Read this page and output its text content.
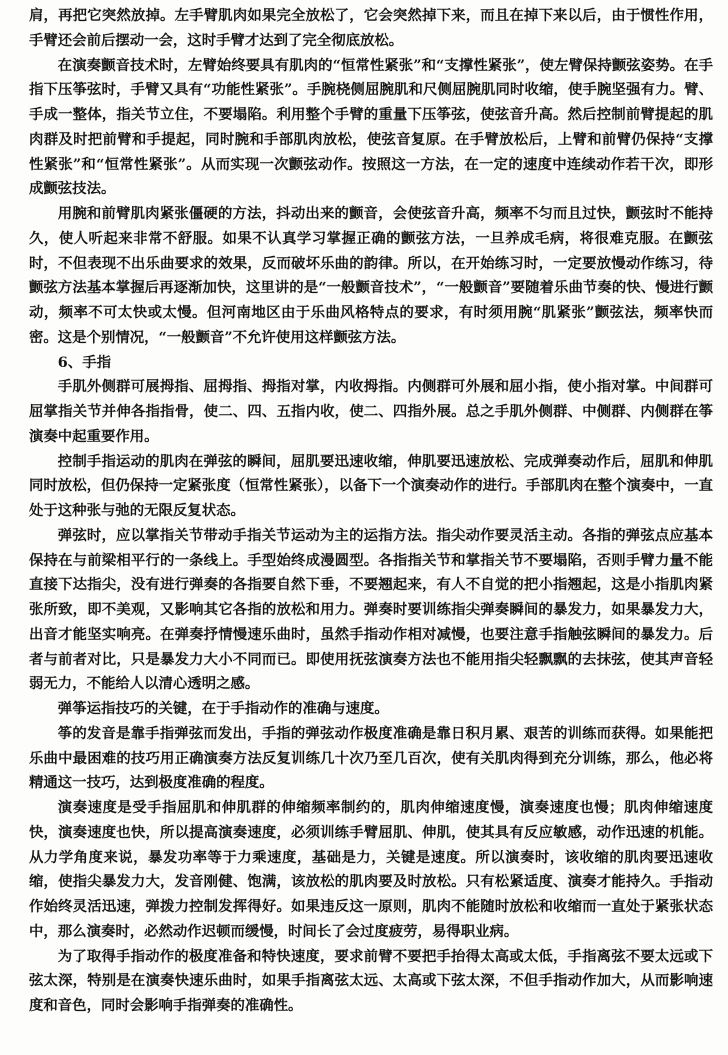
肩，再把它突然放掉。左手臂肌肉如果完全放松了，它会突然掉下来，而且在掉下来以后，由于惯性作用，手臂还会前后摆动一会，这时手臂才达到了完全彻底放松。

在演奏颤音技术时，左臂始终要具有肌肉的“恒常性紧张”和“支撑性紧张”，使左臂保持颤弦姿势。在手指下压筝弦时，手臂又具有“功能性紧张”。手腕桡侧屈腕肌和尺侧屈腕肌同时收缩，使手腕坚强有力。臂、手成一整体，指关节立住，不要塌陷。利用整个手臂的重量下压筝弦，使弦音升高。然后控制前臂提起的肌肉群及时把前臂和手提起，同时腕和手部肌肉放松，使弦音复原。在手臂放松后，上臂和前臂仍保持“支撑性紧张”和“恒常性紧张”。从而实现一次颤弦动作。按照这一方法，在一定的速度中连续动作若干次，即形成颤弦技法。

用腕和前臂肌肉紧张僵硬的方法，抖动出来的颤音，会使弦音升高，频率不匀而且过快，颤弦时不能持久，使人听起来非常不舒服。如果不认真学习掌握正确的颤弦方法，一旦养成毛病，将很难克服。在颤弦时，不但表现不出乐曲要求的效果，反而破坏乐曲的韵律。所以，在开始练习时，一定要放慢动作练习，待颤弦方法基本掌握后再逐渐加快，这里讲的是“一般颤音技术”，“一般颤音”要随着乐曲节奏的快、慢进行颤动，频率不可太快或太慢。但河南地区由于乐曲风格特点的要求，有时须用腕“肌紧张”颤弦法，频率快而密。这是个别情况，“一般颤音”不允许使用这样颤弦方法。

6、手指

手肌外侧群可展拇指、屈拇指、拇指对掌，内收拇指。内侧群可外展和屈小指，使小指对掌。中间群可屈掌指关节并伸各指指骨，使二、四、五指内收，使二、四指外展。总之手肌外侧群、中侧群、内侧群在筝演奏中起重要作用。

控制手指运动的肌肉在弹弦的瞬间，屈肌要迅速收缩，伸肌要迅速放松、完成弹奏动作后，屈肌和伸肌同时放松，但仍保持一定紧张度（恒常性紧张），以备下一个演奏动作的进行。手部肌肉在整个演奏中，一直处于这种张与弛的无限反复状态。

弹弦时，应以掌指关节带动手指关节运动为主的运指方法。指尖动作要灵活主动。各指的弹弦点应基本保持在与前梁相平行的一条线上。手型始终成漫圆型。各指指关节和掌指关节不要塌陷，否则手臂力量不能直接下达指尖，没有进行弹奏的各指要自然下垂，不要翘起来，有人不自觉的把小指翘起，这是小指肌肉紧张所致，即不美观，又影响其它各指的放松和用力。弹奏时要训练指尖弹奏瞬间的暴发力，如果暴发力大，出音才能坚实响亮。在弹奏抒情慢速乐曲时，虽然手指动作相对减慢，也要注意手指触弦瞬间的暴发力。后者与前者对比，只是暴发力大小不同而已。即使用抚弦演奏方法也不能用指尖轻飘飘的去抹弦，使其声音轻弱无力，不能给人以清心透明之感。

弹筝运指技巧的关键，在于手指动作的准确与速度。

筝的发音是靠手指弹弦而发出，手指的弹弦动作极度准确是靠日积月累、艰苦的训练而获得。如果能把乐曲中最困难的技巧用正确演奏方法反复训练几十次乃至几百次，使有关肌肉得到充分训练，那么，他必将精通这一技巧，达到极度准确的程度。

演奏速度是受手指屈肌和伸肌群的伸缩频率制约的，肌肉伸缩速度慢，演奏速度也慢；肌肉伸缩速度快，演奏速度也快，所以提高演奏速度，必须训练手臂屈肌、伸肌，使其具有反应敏感，动作迅速的机能。从力学角度来说，暴发功率等于力乘速度，基础是力，关键是速度。所以演奏时，该收缩的肌肉要迅速收缩，使指尖暴发力大，发音刚健、饱满，该放松的肌肉要及时放松。只有松紧适度、演奏才能持久。手指动作始终灵活迅速，弹拨力控制发挥得好。如果违反这一原则，肌肉不能随时放松和收缩而一直处于紧张状态中，那么演奏时，必然动作迟顿而缓慢，时间长了会过度疲劳，易得职业病。

为了取得手指动作的极度准备和特快速度，要求前臂不要把手抬得太高或太低，手指离弦不要太远或下弦太深，特别是在演奏快速乐曲时，如果手指离弦太远、太高或下弦太深，不但手指动作加大，从而影响速度和音色，同时会影响手指弹奏的准确性。
